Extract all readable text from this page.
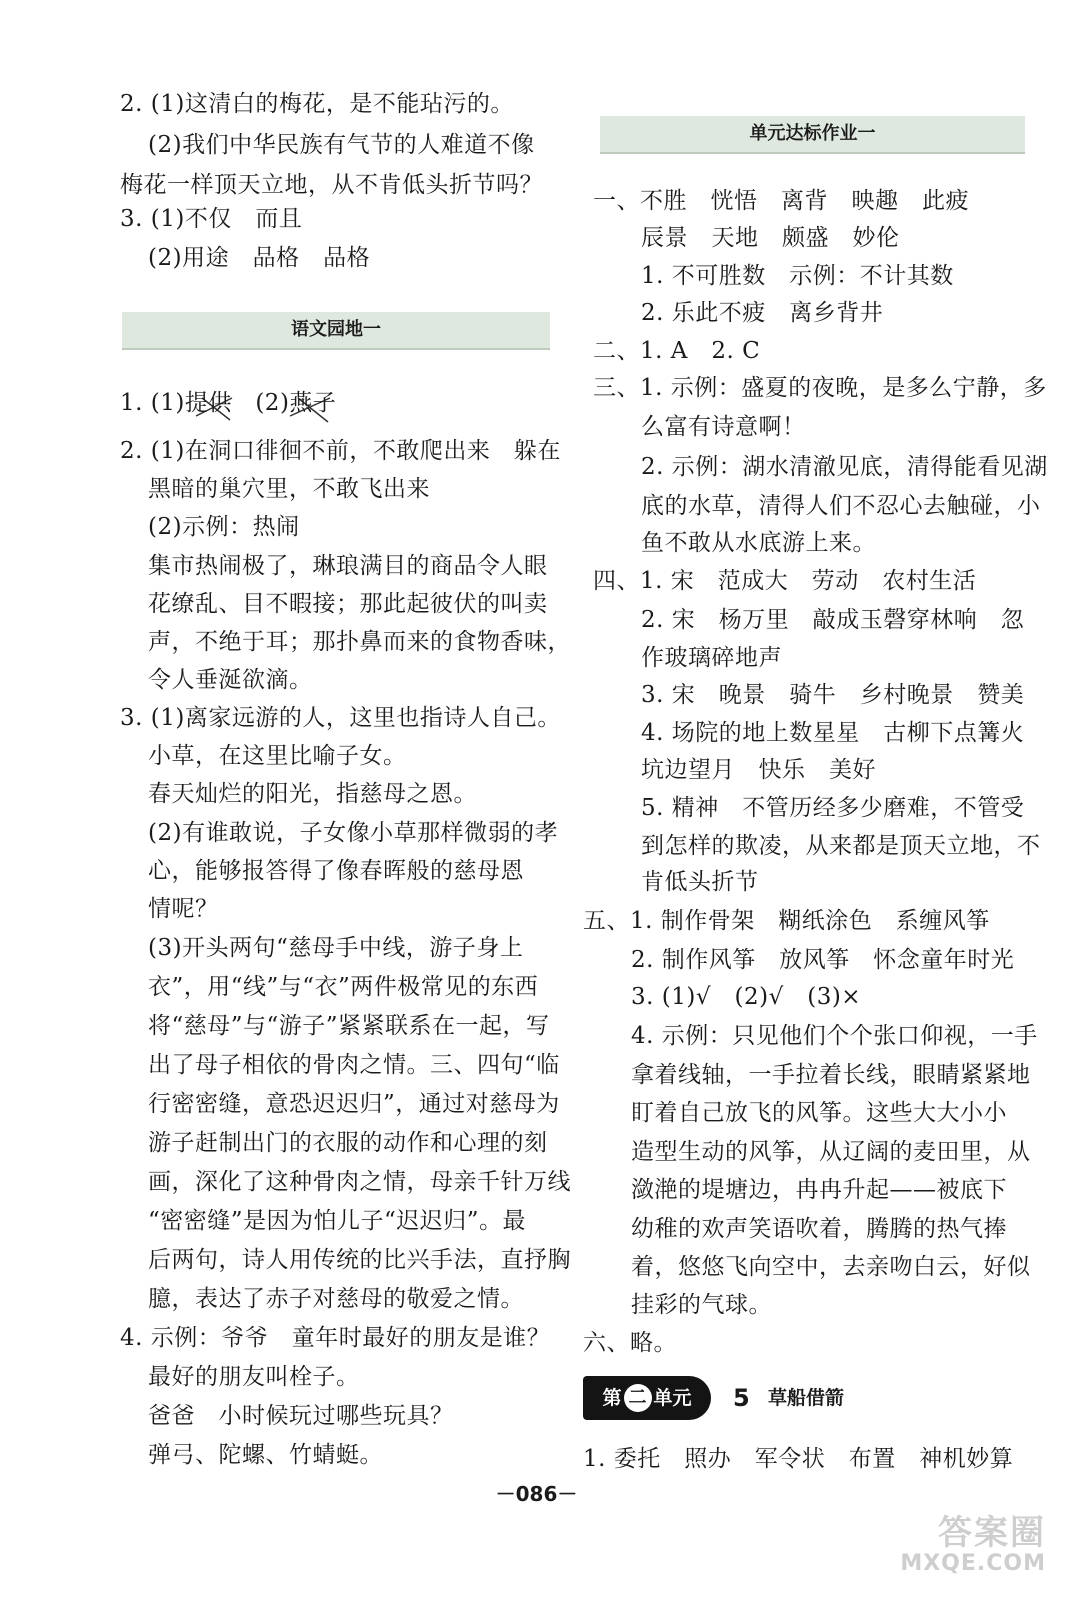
2. (1)这清白的梅花，是不能玷污的。
(2)我们中华民族有气节的人难道不像
梅花一样顶天立地，从不肯低头折节吗？
3. (1)不仅　而且
(2)用途　品格　品格
语文园地一
1. (1)提供　(2)燕子
2. (1)在洞口徘徊不前，不敢爬出来　躲在
黑暗的巢穴里，不敢飞出来
(2)示例：热闹
集市热闹极了，琳琅满目的商品令人眼
花缭乱、目不暇接；那此起彼伏的叫卖
声，不绝于耳；那扑鼻而来的食物香味，
令人垂涎欲滴。
3. (1)离家远游的人，这里也指诗人自己。
小草，在这里比喻子女。
春天灿烂的阳光，指慈母之恩。
(2)有谁敢说，子女像小草那样微弱的孝
心，能够报答得了像春晖般的慈母恩
情呢？
(3)开头两句“慈母手中线，游子身上
衣”，用“线”与“衣”两件极常见的东西
将“慈母”与“游子”紧紧联系在一起，写
出了母子相依的骨肉之情。三、四句“临
行密密缝，意恐迟迟归”，通过对慈母为
游子赶制出门的衣服的动作和心理的刻
画，深化了这种骨肉之情，母亲千针万线
“密密缝”是因为怕儿子“迟迟归”。最
后两句，诗人用传统的比兴手法，直抒胸
臆，表达了赤子对慈母的敬爱之情。
4. 示例：爷爷　童年时最好的朋友是谁？
最好的朋友叫栓子。
爸爸　小时候玩过哪些玩具？
弹弓、陀螺、竹蜻蜓。
单元达标作业一
一、不胜　恍悟　离背　映趣　此疲
辰景　天地　颇盛　妙伦
1. 不可胜数　示例：不计其数
2. 乐此不疲　离乡背井
二、1. A　2. C
三、1. 示例：盛夏的夜晚，是多么宁静，多
么富有诗意啊！
2. 示例：湖水清澈见底，清得能看见湖
底的水草，清得人们不忍心去触碰，小
鱼不敢从水底游上来。
四、1. 宋　范成大　劳动　农村生活
2. 宋　杨万里　敲成玉磬穿林响　忽
作玻璃碎地声
3. 宋　晚景　骑牛　乡村晚景　赞美
4. 场院的地上数星星　古柳下点篝火
坑边望月　快乐　美好
5. 精神　不管历经多少磨难，不管受
到怎样的欺凌，从来都是顶天立地，不
肯低头折节
五、1. 制作骨架　糊纸涂色　系缠风筝
2. 制作风筝　放风筝　怀念童年时光
3. (1)√　(2)√　(3)×
4. 示例：只见他们个个张口仰视，一手
拿着线轴，一手拉着长线，眼睛紧紧地
盯着自己放飞的风筝。这些大大小小
造型生动的风筝，从辽阔的麦田里，从
潋滟的堤塘边，冉冉升起——被底下
幼稚的欢声笑语吹着，腾腾的热气捧
着，悠悠飞向空中，去亲吻白云，好似
挂彩的气球。
六、略。
第 二 单元 5 草船借箭
1. 委托　照办　军令状　布置　神机妙算
－086－
答案圈
MXQE.COM
